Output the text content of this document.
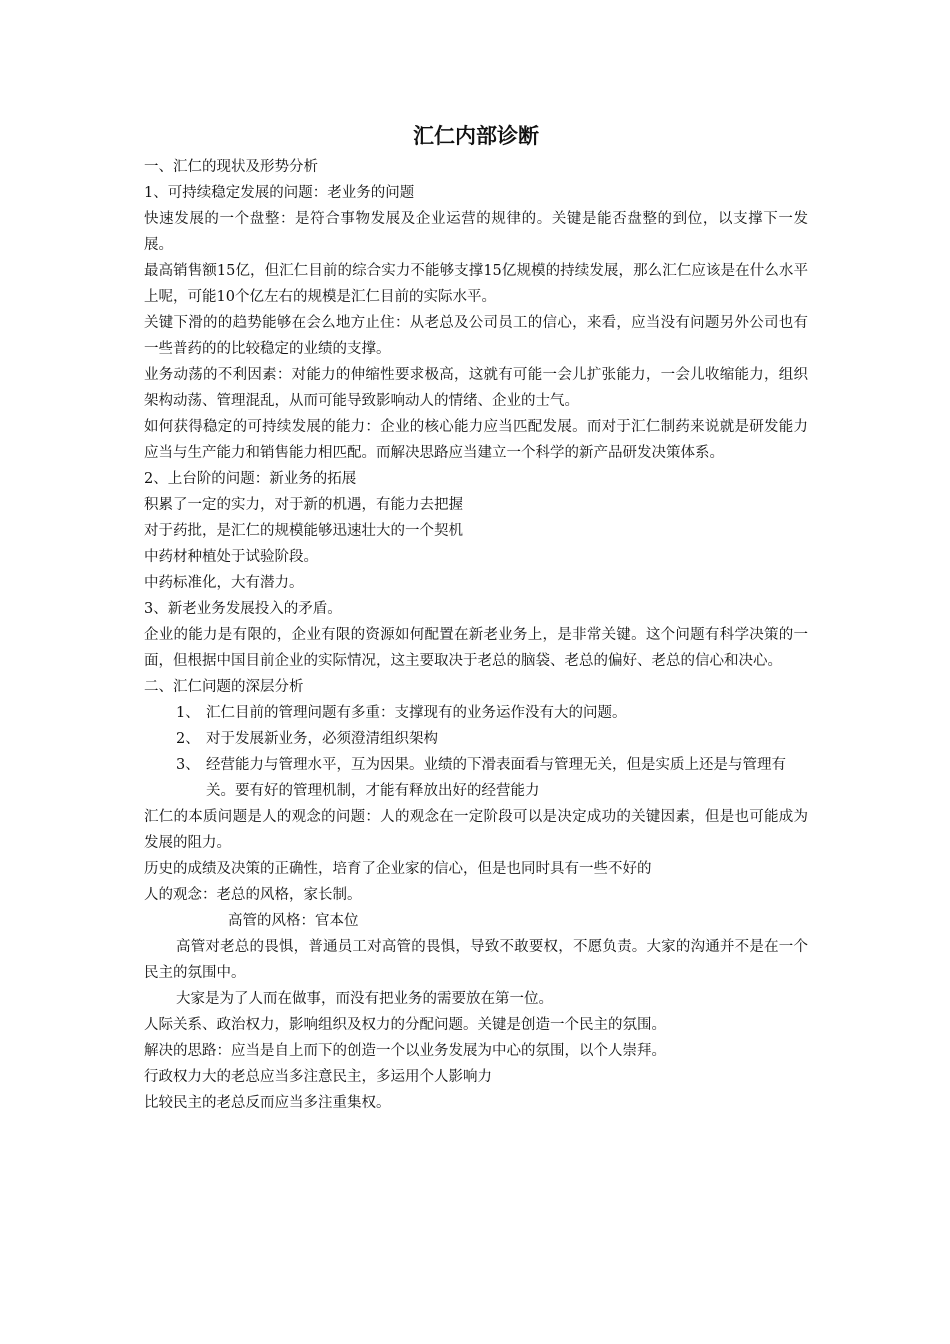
汇仁内部诊断

一、汇仁的现状及形势分析

1、可持续稳定发展的问题：老业务的问题

快速发展的一个盘整：是符合事物发展及企业运营的规律的。关键是能否盘整的到位，以支撑下一发展。

最高销售额15亿，但汇仁目前的综合实力不能够支撑15亿规模的持续发展，那么汇仁应该是在什么水平上呢，可能10个亿左右的规模是汇仁目前的实际水平。

关键下滑的的趋势能够在会么地方止住：从老总及公司员工的信心，来看，应当没有问题另外公司也有一些普药的的比较稳定的业绩的支撑。

业务动荡的不利因素：对能力的伸缩性要求极高，这就有可能一会儿扩张能力，一会儿收缩能力，组织架构动荡、管理混乱，从而可能导致影响动人的情绪、企业的士气。

如何获得稳定的可持续发展的能力：企业的核心能力应当匹配发展。而对于汇仁制药来说就是研发能力应当与生产能力和销售能力相匹配。而解决思路应当建立一个科学的新产品研发决策体系。

2、上台阶的问题：新业务的拓展

积累了一定的实力，对于新的机遇，有能力去把握

对于药批，是汇仁的规模能够迅速壮大的一个契机

中药材种植处于试验阶段。

中药标准化，大有潜力。

3、新老业务发展投入的矛盾。

企业的能力是有限的，企业有限的资源如何配置在新老业务上，是非常关键。这个问题有科学决策的一面，但根据中国目前企业的实际情况，这主要取决于老总的脑袋、老总的偏好、老总的信心和决心。

二、汇仁问题的深层分析

1、 汇仁目前的管理问题有多重：支撑现有的业务运作没有大的问题。
2、 对于发展新业务，必须澄清组织架构
3、 经营能力与管理水平，互为因果。业绩的下滑表面看与管理无关，但是实质上还是与管理有关。要有好的管理机制，才能有释放出好的经营能力

汇仁的本质问题是人的观念的问题：人的观念在一定阶段可以是决定成功的关键因素，但是也可能成为发展的阻力。

历史的成绩及决策的正确性，培育了企业家的信心，但是也同时具有一些不好的

人的观念：老总的风格，家长制。

高管的风格：官本位

高管对老总的畏惧，普通员工对高管的畏惧，导致不敢要权，不愿负责。大家的沟通并不是在一个民主的氛围中。

大家是为了人而在做事，而没有把业务的需要放在第一位。

人际关系、政治权力，影响组织及权力的分配问题。关键是创造一个民主的氛围。

解决的思路：应当是自上而下的创造一个以业务发展为中心的氛围，以个人崇拜。

行政权力大的老总应当多注意民主，多运用个人影响力

比较民主的老总反而应当多注重集权。
